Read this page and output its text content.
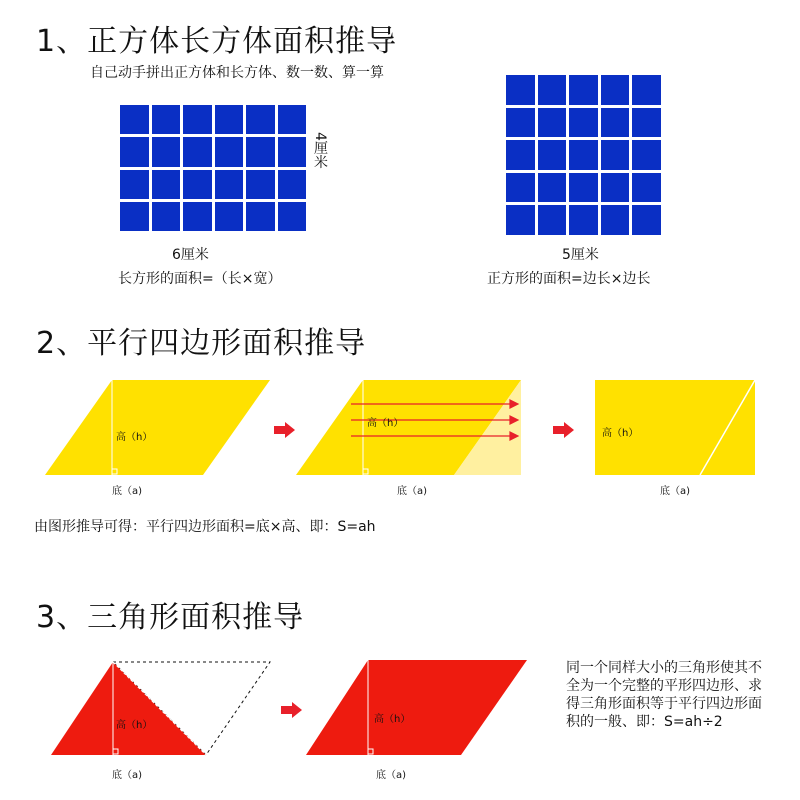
1、正方体长方体面积推导
自己动手拼出正方体和长方体、数一数、算一算
4厘米
6厘米
长方形的面积=（长×宽）
5厘米
正方形的面积=边长×边长
2、平行四边形面积推导
高（h）
底（a)
高（h）
底（a)
高（h）
底（a)
由图形推导可得：平行四边形面积=底×高、即：S=ah
3、三角形面积推导
高（h）
底（a)
高（h）
底（a)
同一个同样大小的三角形使其不全为一个完整的平形四边形、求得三角形面积等于平行四边形面积的一般、即：S=ah÷2
